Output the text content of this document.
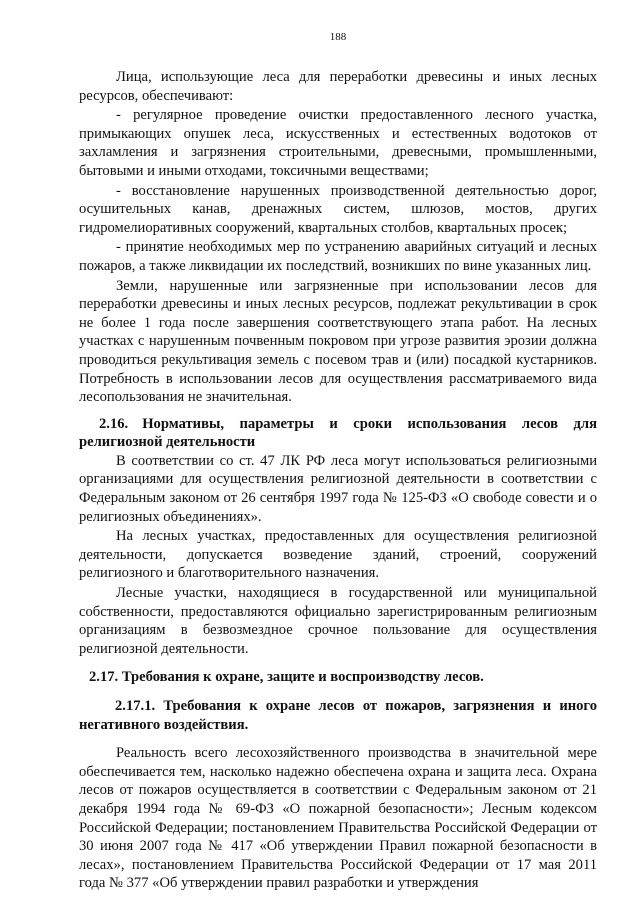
188

Лица, использующие леса для переработки древесины и иных лесных ресурсов, обеспечивают:

- регулярное проведение очистки предоставленного лесного участка, примыкающих опушек леса, искусственных и естественных водотоков от захламления и загрязнения строительными, древесными, промышленными, бытовыми и иными отходами, токсичными веществами;

- восстановление нарушенных производственной деятельностью дорог, осушительных канав, дренажных систем, шлюзов, мостов, других гидромелиоративных сооружений, квартальных столбов, квартальных просек;

- принятие необходимых мер по устранению аварийных ситуаций и лесных пожаров, а также ликвидации их последствий, возникших по вине указанных лиц.

Земли, нарушенные или загрязненные при использовании лесов для переработки древесины и иных лесных ресурсов, подлежат рекультивации в срок не более 1 года после завершения соответствующего этапа работ. На лесных участках с нарушенным почвенным покровом при угрозе развития эрозии должна проводиться рекультивация земель с посевом трав и (или) посадкой кустарников. Потребность в использовании лесов для осуществления рассматриваемого вида лесопользования не значительная.

2.16. Нормативы, параметры и сроки использования лесов для религиозной деятельности

В соответствии со ст. 47 ЛК РФ леса могут использоваться религиозными организациями для осуществления религиозной деятельности в соответствии с Федеральным законом от 26 сентября 1997 года № 125-ФЗ «О свободе совести и о религиозных объединениях».

На лесных участках, предоставленных для осуществления религиозной деятельности, допускается возведение зданий, строений, сооружений религиозного и благотворительного назначения.

Лесные участки, находящиеся в государственной или муниципальной собственности, предоставляются официально зарегистрированным религиозным организациям в безвозмездное срочное пользование для осуществления религиозной деятельности.

2.17. Требования к охране, защите и воспроизводству лесов.

2.17.1. Требования к охране лесов от пожаров, загрязнения и иного негативного воздействия.

Реальность всего лесохозяйственного производства в значительной мере обеспечивается тем, насколько надежно обеспечена охрана и защита леса. Охрана лесов от пожаров осуществляется в соответствии с Федеральным законом от 21 декабря 1994 года № 69-ФЗ «О пожарной безопасности»; Лесным кодексом Российской Федерации; постановлением Правительства Российской Федерации от 30 июня 2007 года № 417 «Об утверждении Правил пожарной безопасности в лесах», постановлением Правительства Российской Федерации от 17 мая 2011 года № 377 «Об утверждении правил разработки и утверждения
